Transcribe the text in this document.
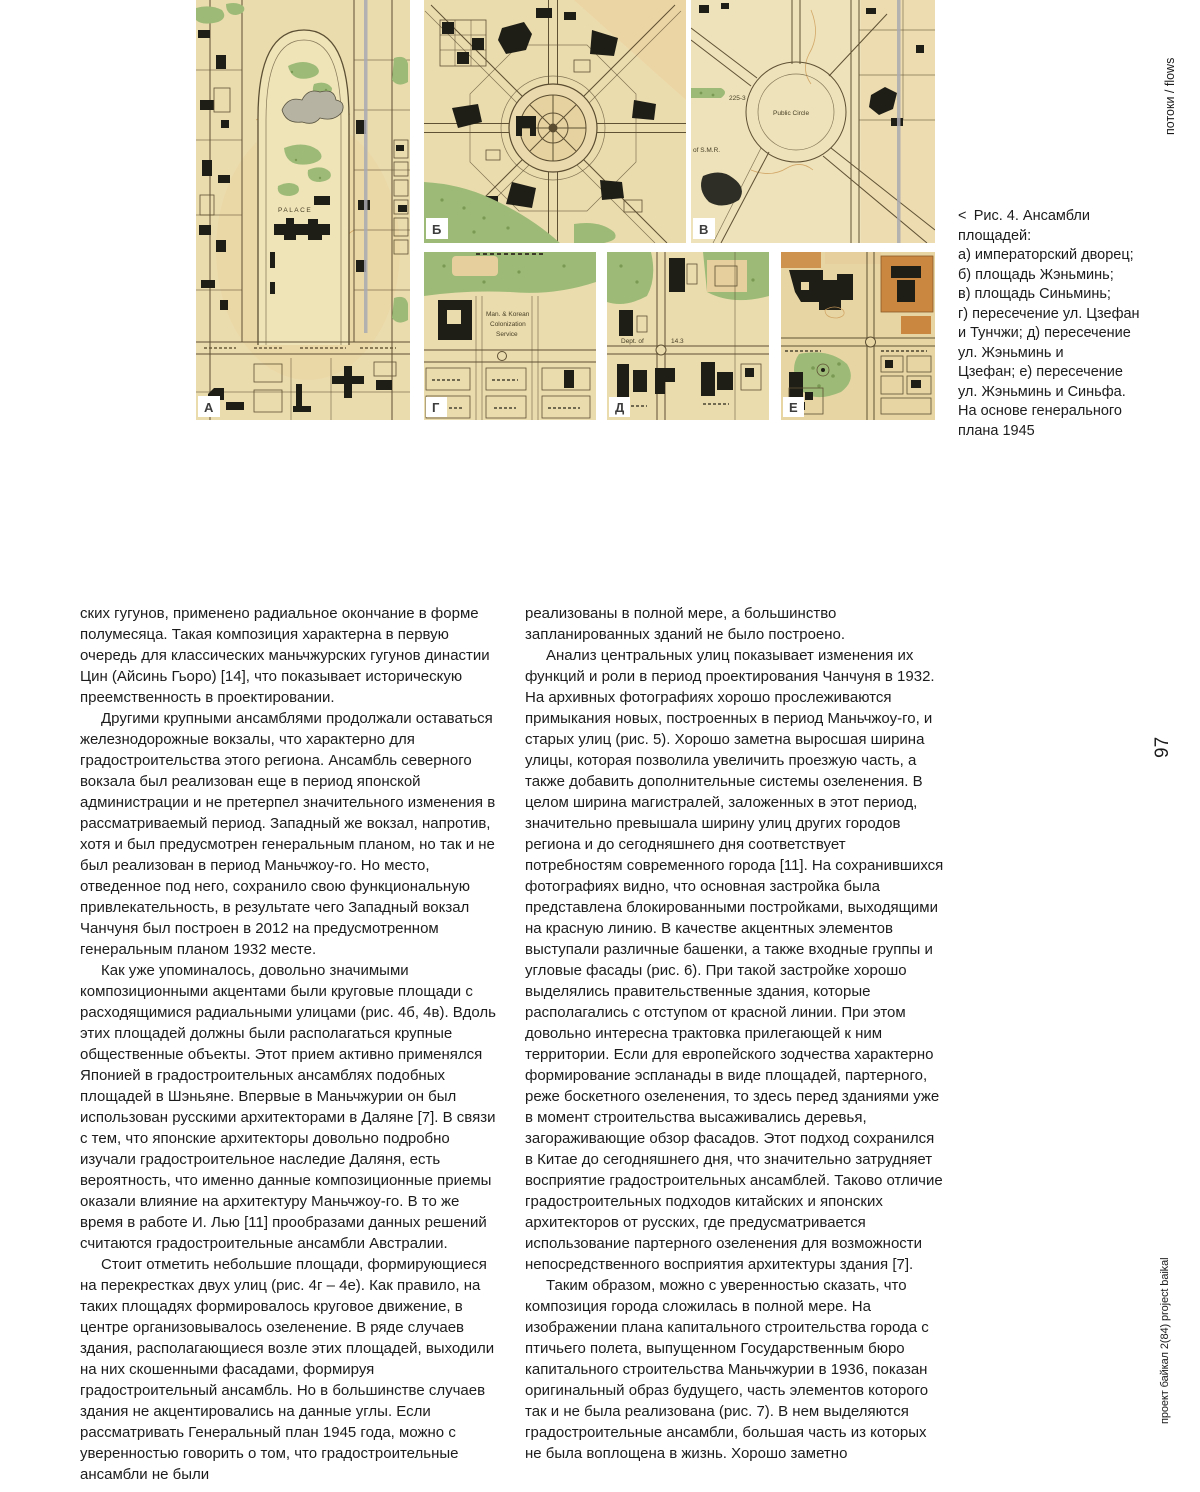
PALACE
А
Б
Public Circle
225-3
of S.M.R.
В
Man. & Korean
Colonization
Service
Г
Dept. of	14.3
Д	Е
< Рис. 4. Ансамбли
площадей:
а) императорский дворец;
б) площадь Жэньминь;
в) площадь Синьминь;
г) пересечение ул. Цзефан
и Тунчжи; д) пересечение
ул. Жэньминь и
Цзефан; е) пересечение
ул. Жэньминь и Синьфа.
На основе генерального
плана 1945

ских гугунов, применено радиальное окончание в форме полумесяца. Такая композиция характерна в первую очередь для классических маньчжурских гугунов династии Цин (Айсинь Гьоро) [14], что показывает историческую преемственность в проектировании.

Другими крупными ансамблями продолжали оставаться железнодорожные вокзалы, что характерно для градостроительства этого региона. Ансамбль северного вокзала был реализован еще в период японской администрации и не претерпел значительного изменения в рассматриваемый период. Западный же вокзал, напротив, хотя и был предусмотрен генеральным планом, но так и не был реализован в период Маньчжоу-го. Но место, отведенное под него, сохранило свою функциональную привлекательность, в результате чего Западный вокзал Чанчуня был построен в 2012 на предусмотренном генеральным планом 1932 месте.

Как уже упоминалось, довольно значимыми композиционными акцентами были круговые площади с расходящимися радиальными улицами (рис. 4б, 4в). Вдоль этих площадей должны были располагаться крупные общественные объекты. Этот прием активно применялся Японией в градостроительных ансамблях подобных площадей в Шэньяне. Впервые в Маньчжурии он был использован русскими архитекторами в Даляне [7]. В связи с тем, что японские архитекторы довольно подробно изучали градостроительное наследие Даляня, есть вероятность, что именно данные композиционные приемы оказали влияние на архитектуру Маньчжоу-го. В то же время в работе И. Лью [11] прообразами данных решений считаются градостроительные ансамбли Австралии.

Стоит отметить небольшие площади, формирующиеся на перекрестках двух улиц (рис. 4г – 4е). Как правило, на таких площадях формировалось круговое движение, в центре организовывалось озеленение. В ряде случаев здания, располагающиеся возле этих площадей, выходили на них скошенными фасадами, формируя градостроительный ансамбль. Но в большинстве случаев здания не акцентировались на данные углы. Если рассматривать Генеральный план 1945 года, можно с уверенностью говорить о том, что градостроительные ансамбли не были

реализованы в полной мере, а большинство запланированных зданий не было построено.

Анализ центральных улиц показывает изменения их функций и роли в период проектирования Чанчуня в 1932. На архивных фотографиях хорошо прослеживаются примыкания новых, построенных в период Маньчжоу-го, и старых улиц (рис. 5). Хорошо заметна выросшая ширина улицы, которая позволила увеличить проезжую часть, а также добавить дополнительные системы озеленения. В целом ширина магистралей, заложенных в этот период, значительно превышала ширину улиц других городов региона и до сегодняшнего дня соответствует потребностям современного города [11]. На сохранившихся фотографиях видно, что основная застройка была представлена блокированными постройками, выходящими на красную линию. В качестве акцентных элементов выступали различные башенки, а также входные группы и угловые фасады (рис. 6). При такой застройке хорошо выделялись правительственные здания, которые располагались с отступом от красной линии. При этом довольно интересна трактовка прилегающей к ним территории. Если для европейского зодчества характерно формирование эспланады в виде площадей, партерного, реже боскетного озеленения, то здесь перед зданиями уже в момент строительства высаживались деревья, загораживающие обзор фасадов. Этот подход сохранился в Китае до сегодняшнего дня, что значительно затрудняет восприятие градостроительных ансамблей. Таково отличие градостроительных подходов китайских и японских архитекторов от русских, где предусматривается использование партерного озеленения для возможности непосредственного восприятия архитектуры здания [7].

Таким образом, можно с уверенностью сказать, что композиция города сложилась в полной мере. На изображении плана капитального строительства города с птичьего полета, выпущенном Государственным бюро капитального строительства Маньчжурии в 1936, показан оригинальный образ будущего, часть элементов которого так и не была реализована (рис. 7). В нем выделяются градостроительные ансамбли, большая часть из которых не была воплощена в жизнь. Хорошо заметно

потоки / flows
97
проект байкал 2(84) project baikal
